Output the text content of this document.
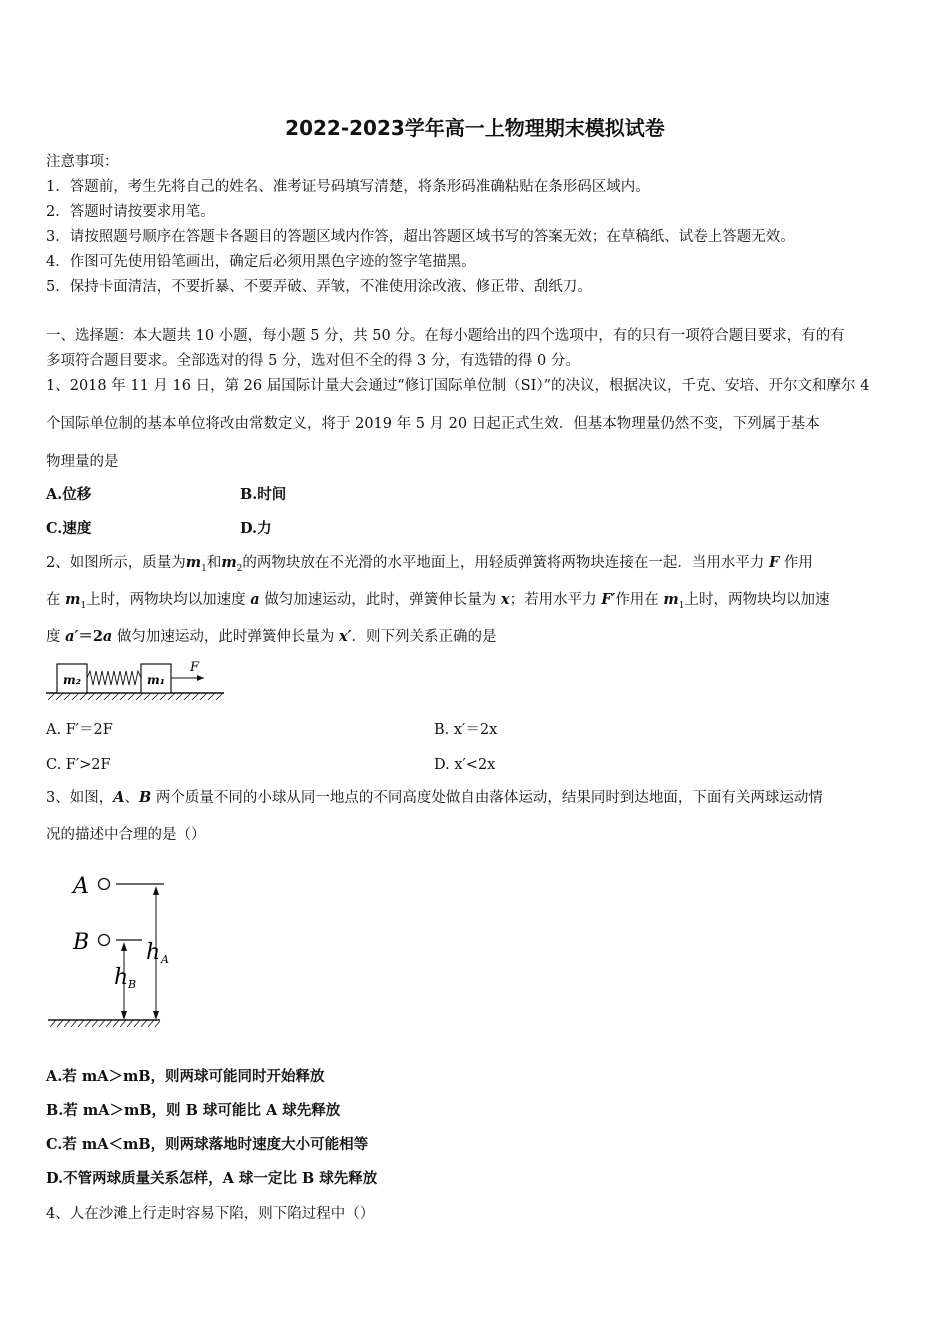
2022-2023学年高一上物理期末模拟试卷
注意事项：
1．答题前，考生先将自己的姓名、准考证号码填写清楚，将条形码准确粘贴在条形码区域内。
2．答题时请按要求用笔。
3．请按照题号顺序在答题卡各题目的答题区域内作答，超出答题区域书写的答案无效；在草稿纸、试卷上答题无效。
4．作图可先使用铅笔画出，确定后必须用黑色字迹的签字笔描黑。
5．保持卡面清洁，不要折暴、不要弄破、弄皱，不准使用涂改液、修正带、刮纸刀。
一、选择题：本大题共 10 小题，每小题 5 分，共 50 分。在每小题给出的四个选项中，有的只有一项符合题目要求，有的有
多项符合题目要求。全部选对的得 5 分，选对但不全的得 3 分，有选错的得 0 分。
1、2018 年 11 月 16 日，第 26 届国际计量大会通过“修订国际单位制（SI）”的决议，根据决议，千克、安培、开尔文和摩尔 4
个国际单位制的基本单位将改由常数定义，将于 2019 年 5 月 20 日起正式生效．但基本物理量仍然不变，下列属于基本
物理量的是
A.位移	B.时间
C.速度	D.力
2、如图所示，质量为$m_1$和$m_2$的两物块放在不光滑的水平地面上，用轻质弹簧将两物块连接在一起．当用水平力 F 作用
在 $m_1$上时，两物块均以加速度 a 做匀加速运动，此时，弹簧伸长量为 x；若用水平力 F′作用在 $m_1$上时，两物块均以加速
度 a′＝2a 做匀加速运动，此时弹簧伸长量为 x′．则下列关系正确的是
m₂	m₁
F
A. F′＝2F	B. x′＝2x
C. F′>2F	D. x′<2x
3、如图，A、B 两个质量不同的小球从同一地点的不同高度处做自由落体运动，结果同时到达地面，下面有关两球运动情
况的描述中合理的是（）
A
B	h A
h B
A.若 mA＞mB，则两球可能同时开始释放
B.若 mA＞mB，则 B 球可能比 A 球先释放
C.若 mA＜mB，则两球落地时速度大小可能相等
D.不管两球质量关系怎样，A 球一定比 B 球先释放
4、人在沙滩上行走时容易下陷，则下陷过程中（）
